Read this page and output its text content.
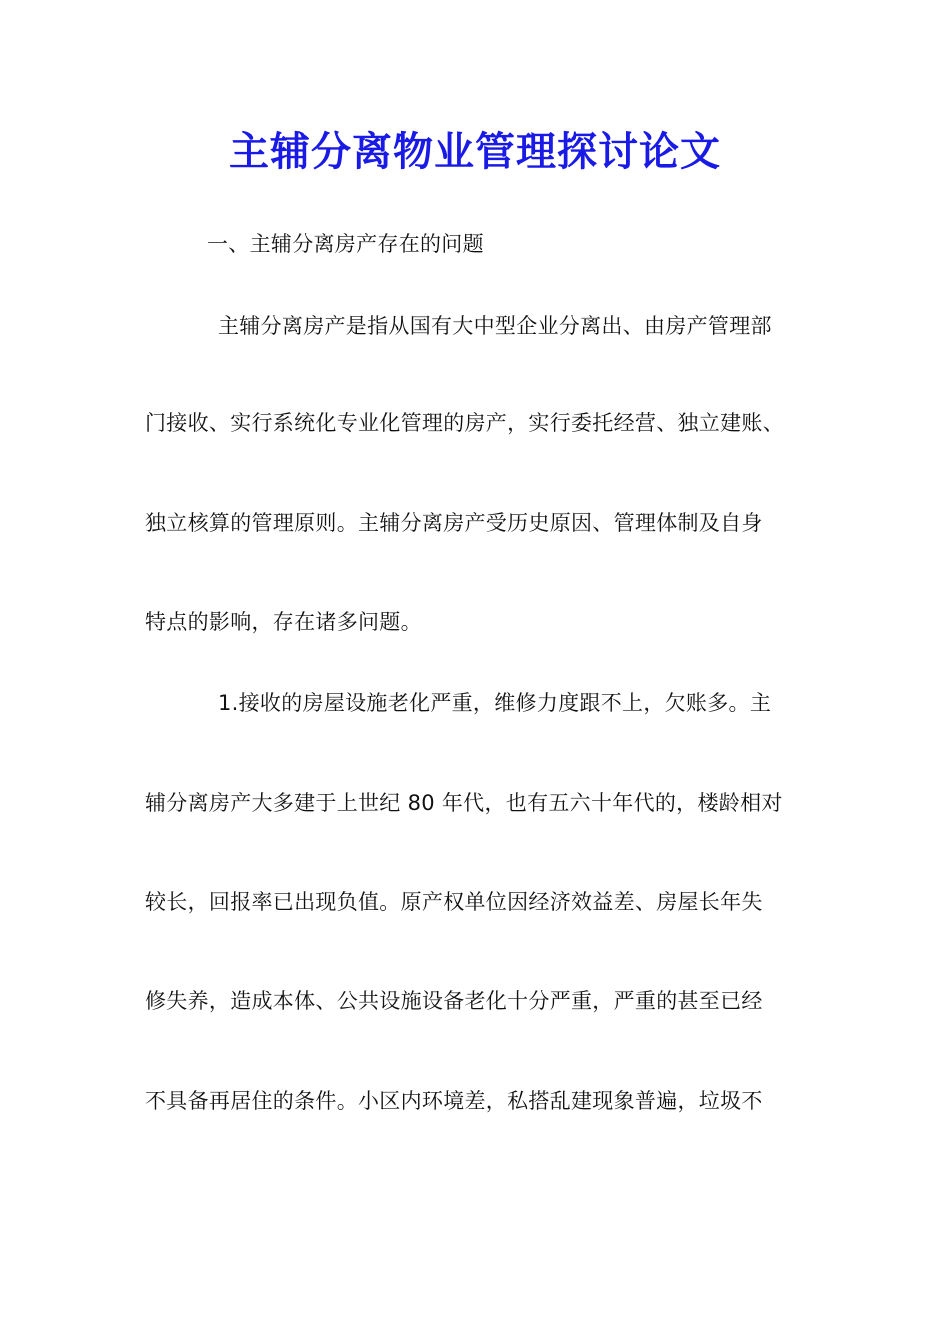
主辅分离物业管理探讨论文
一、主辅分离房产存在的问题
主辅分离房产是指从国有大中型企业分离出、由房产管理部
门接收、实行系统化专业化管理的房产，实行委托经营、独立建账、
独立核算的管理原则。主辅分离房产受历史原因、管理体制及自身
特点的影响，存在诸多问题。
1.接收的房屋设施老化严重，维修力度跟不上，欠账多。主
辅分离房产大多建于上世纪 80 年代，也有五六十年代的，楼龄相对
较长，回报率已出现负值。原产权单位因经济效益差、房屋长年失
修失养，造成本体、公共设施设备老化十分严重，严重的甚至已经
不具备再居住的条件。小区内环境差，私搭乱建现象普遍，垃圾不
